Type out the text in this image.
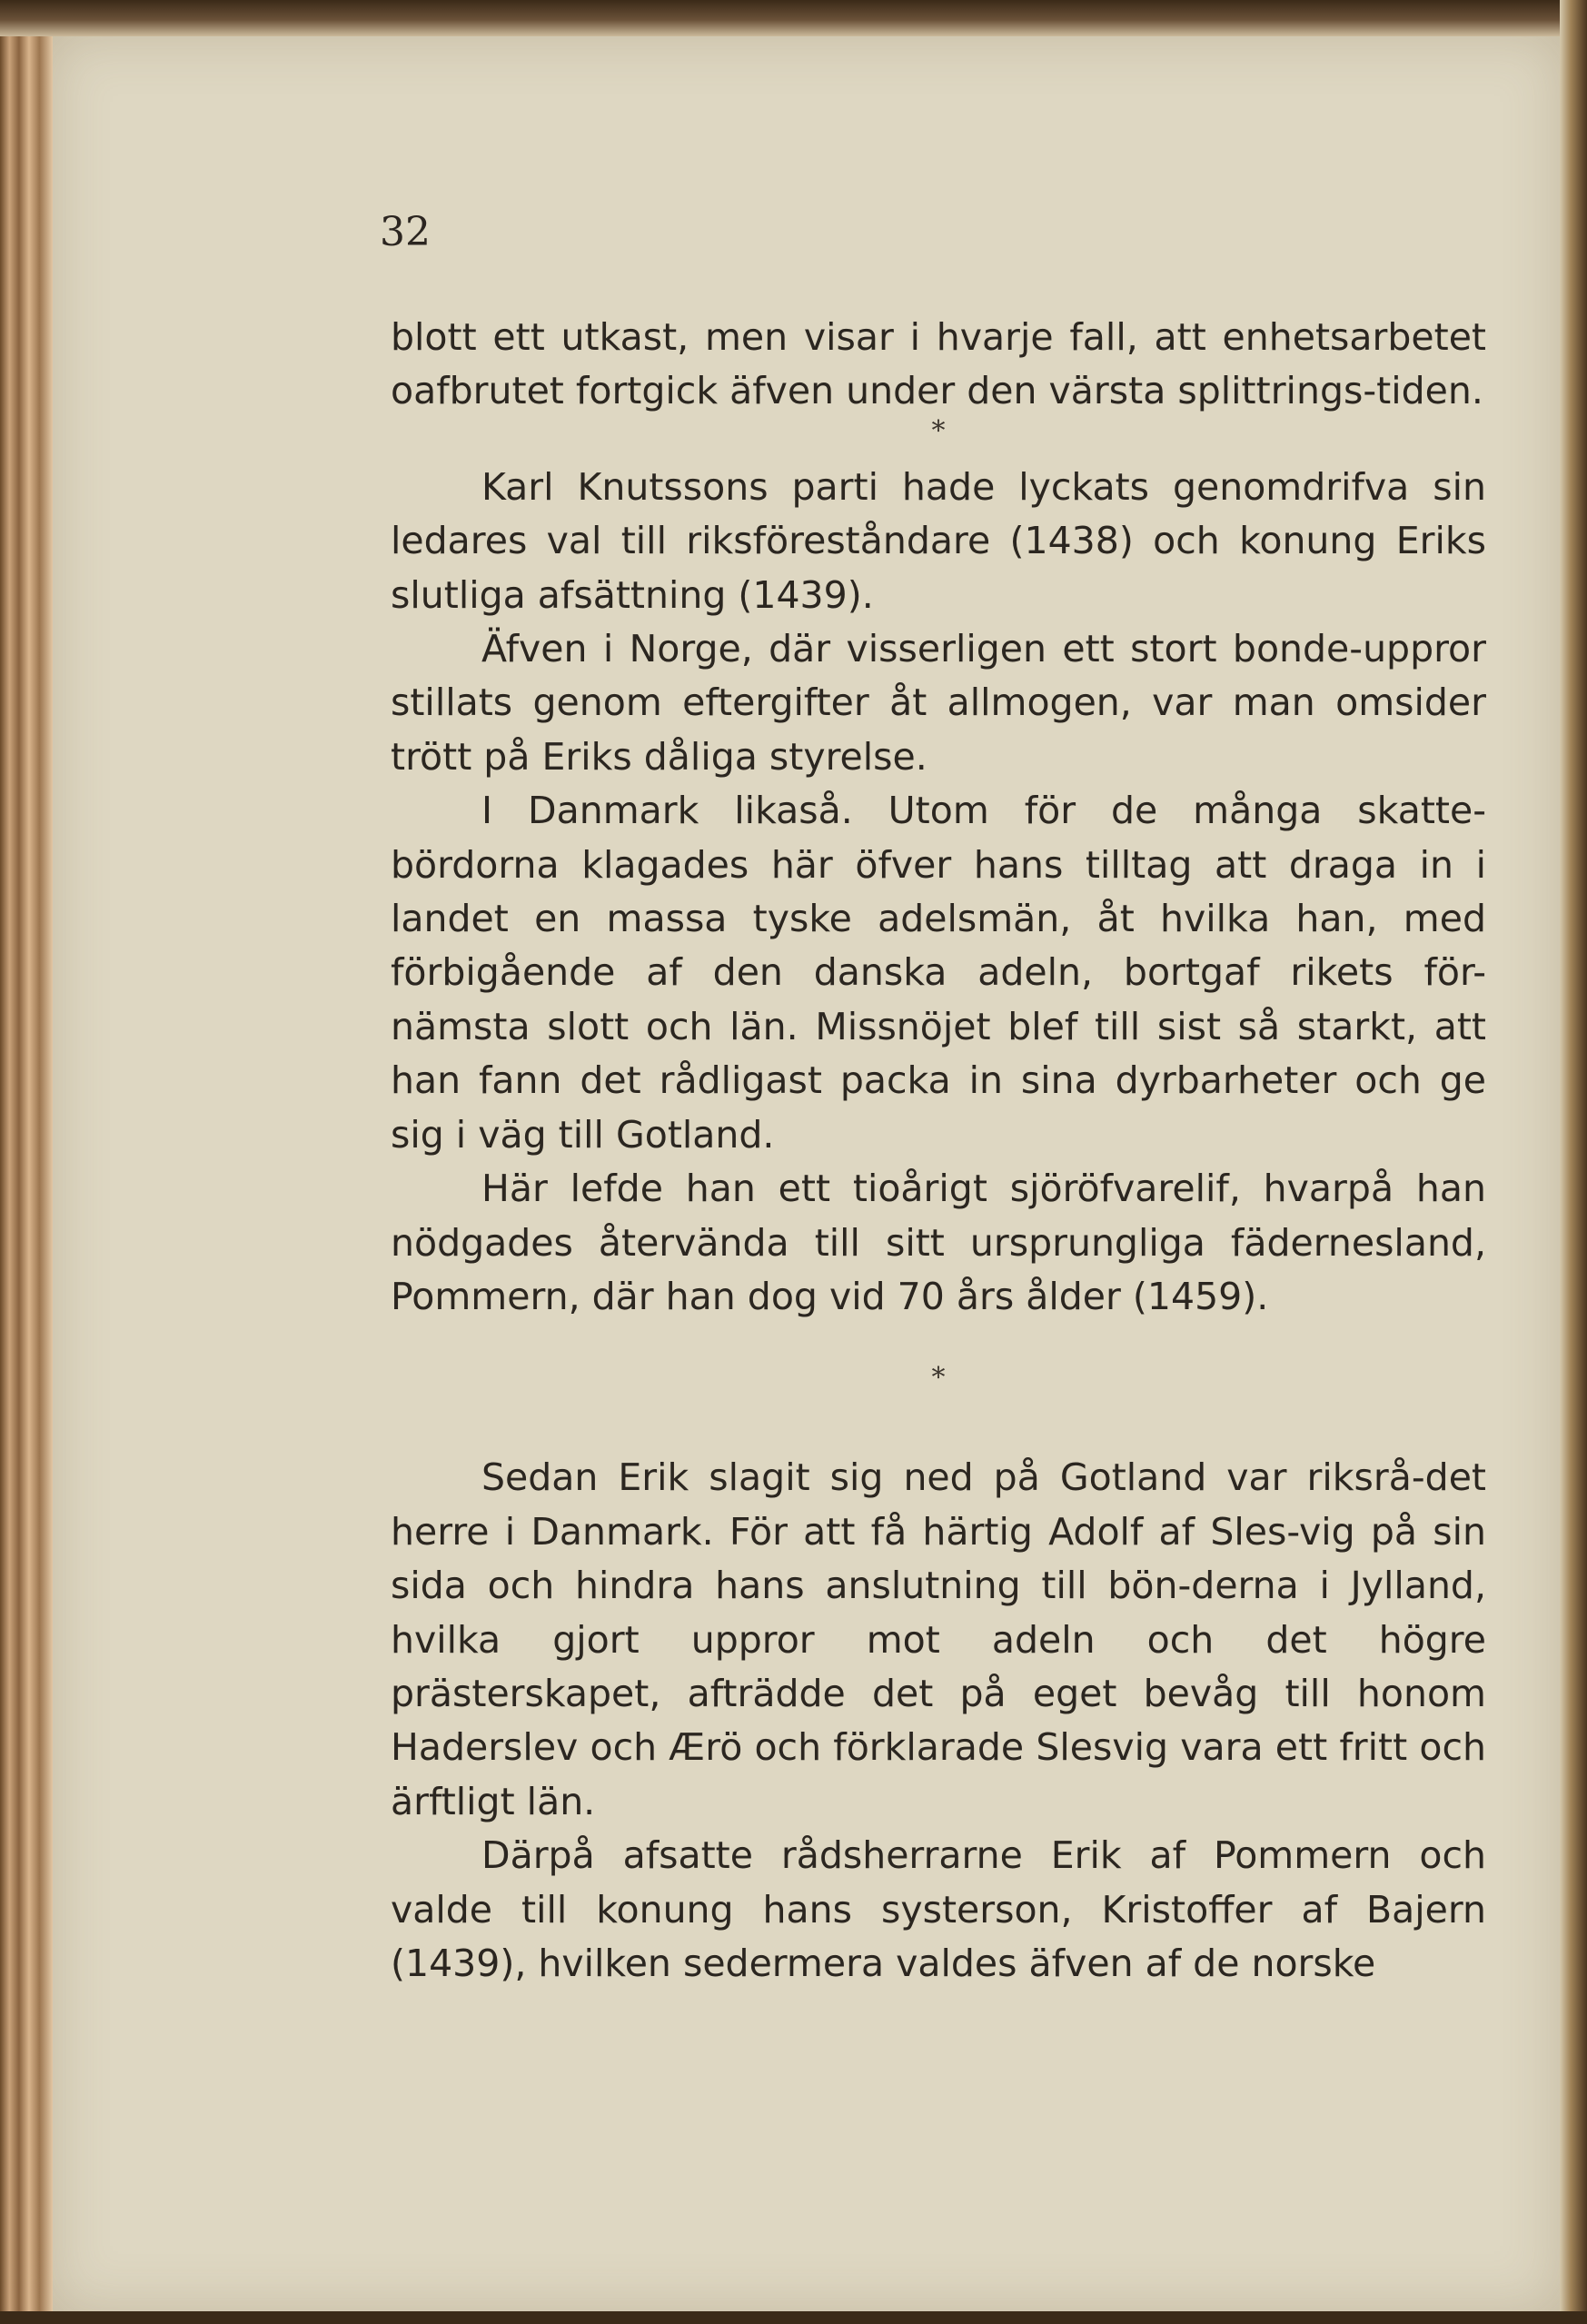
32

blott ett utkast, men visar i hvarje fall, att enhetsarbetet oafbrutet fortgick äfven under den värsta splittrings-tiden.

*

Karl Knutssons parti hade lyckats genomdrifva sin ledares val till riksföreståndare (1438) och konung Eriks slutliga afsättning (1439).

Äfven i Norge, där visserligen ett stort bonde-uppror stillats genom eftergifter åt allmogen, var man omsider trött på Eriks dåliga styrelse.

I Danmark likaså. Utom för de många skatte-bördorna klagades här öfver hans tilltag att draga in i landet en massa tyske adelsmän, åt hvilka han, med förbigående af den danska adeln, bortgaf rikets för-nämsta slott och län. Missnöjet blef till sist så starkt, att han fann det rådligast packa in sina dyrbarheter och ge sig i väg till Gotland.

Här lefde han ett tioårigt sjöröfvarelif, hvarpå han nödgades återvända till sitt ursprungliga fädernesland, Pommern, där han dog vid 70 års ålder (1459).

*

Sedan Erik slagit sig ned på Gotland var riksrå-det herre i Danmark. För att få härtig Adolf af Sles-vig på sin sida och hindra hans anslutning till bön-derna i Jylland, hvilka gjort uppror mot adeln och det högre prästerskapet, afträdde det på eget bevåg till honom Haderslev och Ærö och förklarade Slesvig vara ett fritt och ärftligt län.

Därpå afsatte rådsherrarne Erik af Pommern och valde till konung hans systerson, Kristoffer af Bajern (1439), hvilken sedermera valdes äfven af de norske
